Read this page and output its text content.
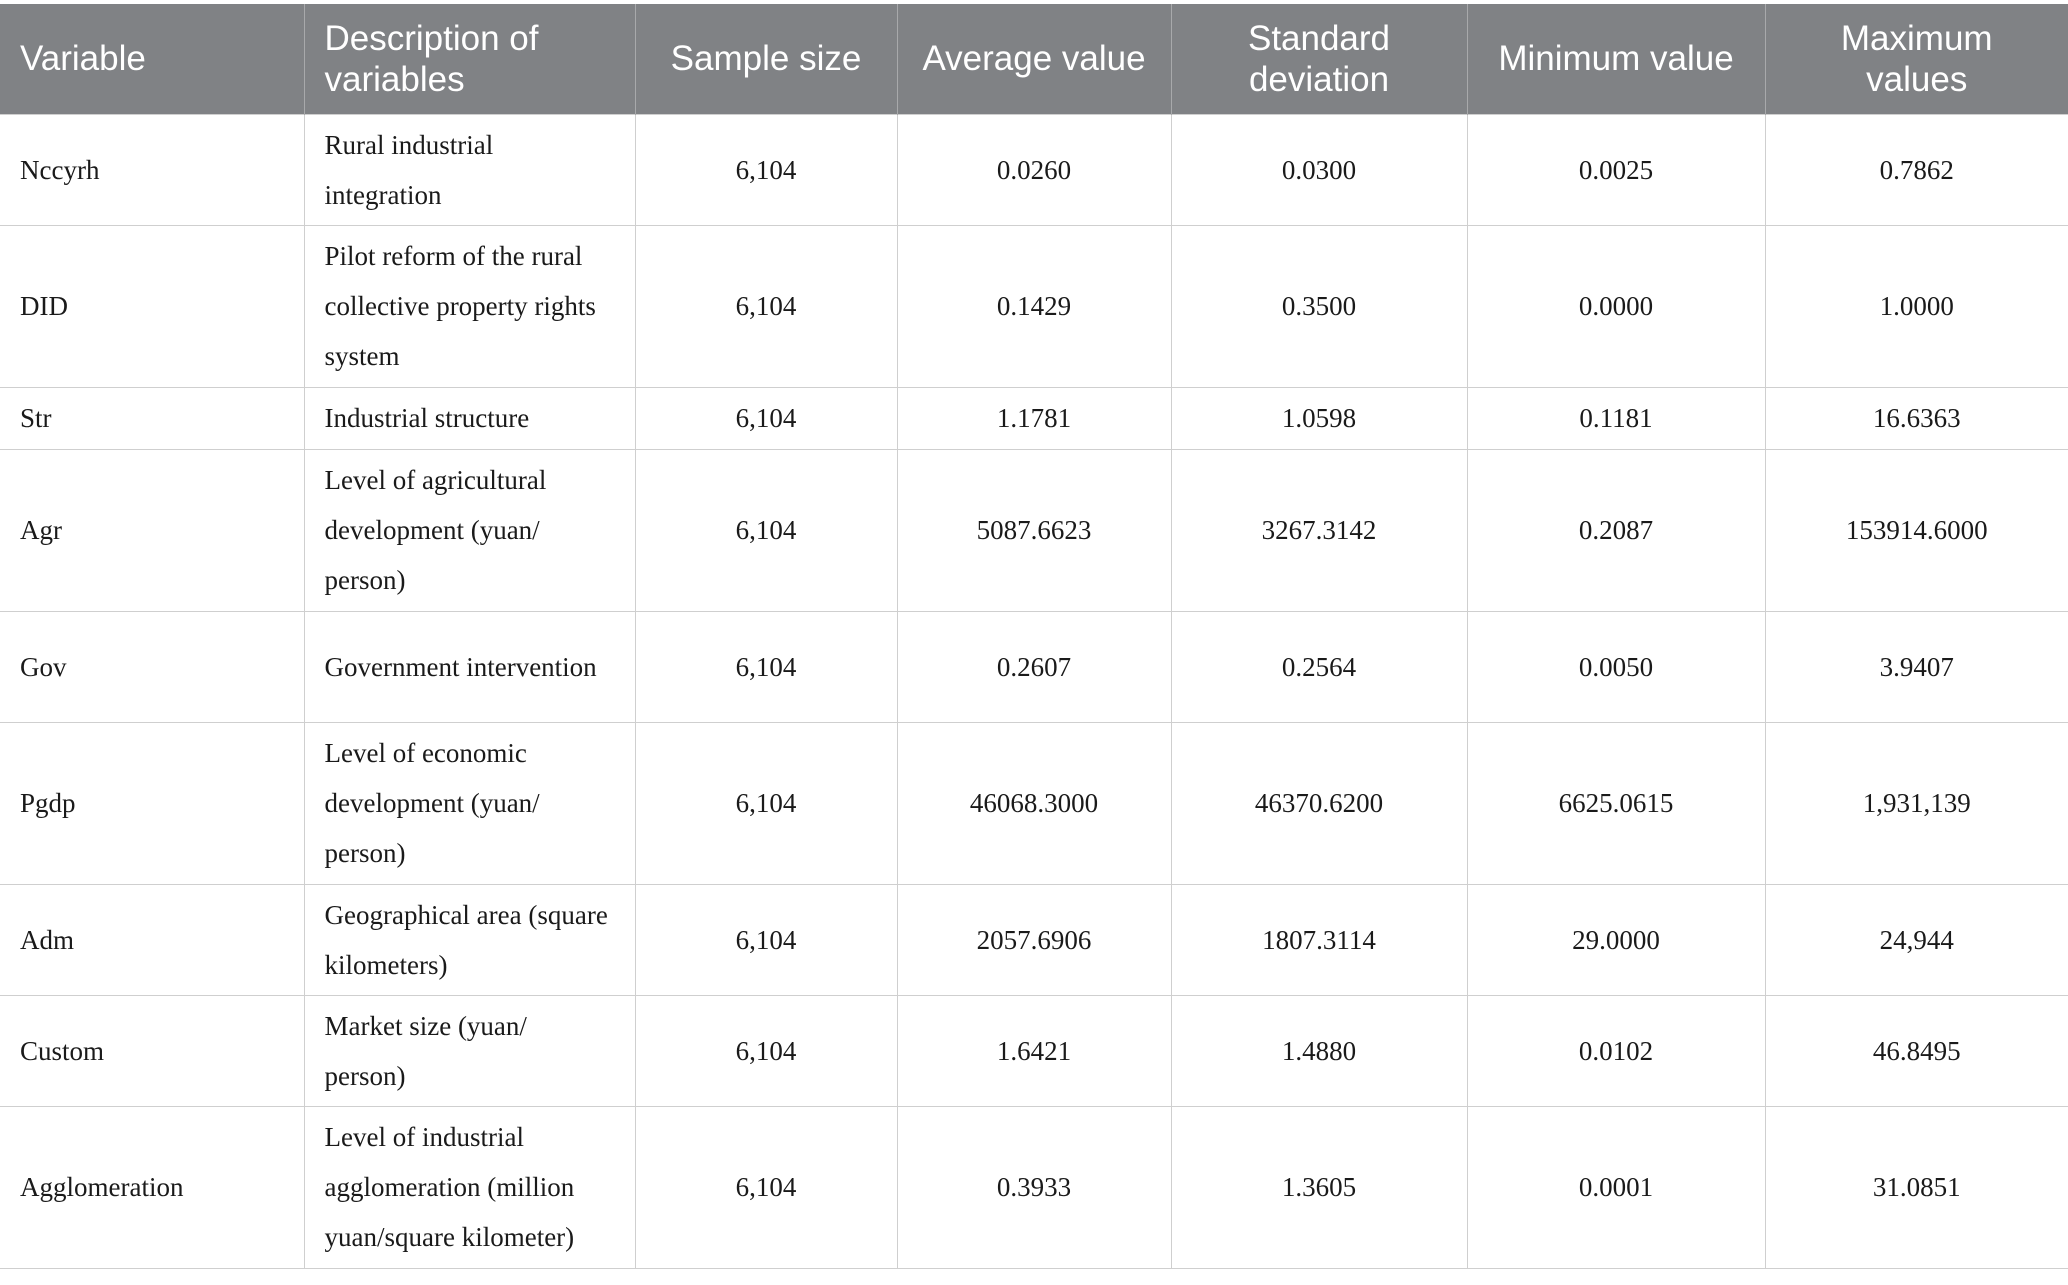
Variable	Description of variables	Sample size	Average value	Standard deviation	Minimum value	Maximum values
Nccyrh	Rural industrial integration	6,104	0.0260	0.0300	0.0025	0.7862
DID	Pilot reform of the rural collective property rights system	6,104	0.1429	0.3500	0.0000	1.0000
Str	Industrial structure	6,104	1.1781	1.0598	0.1181	16.6363
Agr	Level of agricultural development (yuan/ person)	6,104	5087.6623	3267.3142	0.2087	153914.6000
Gov	Government intervention	6,104	0.2607	0.2564	0.0050	3.9407
Pgdp	Level of economic development (yuan/ person)	6,104	46068.3000	46370.6200	6625.0615	1,931,139
Adm	Geographical area (square kilometers)	6,104	2057.6906	1807.3114	29.0000	24,944
Custom	Market size (yuan/ person)	6,104	1.6421	1.4880	0.0102	46.8495
Agglomeration	Level of industrial agglomeration (million yuan/square kilometer)	6,104	0.3933	1.3605	0.0001	31.0851
